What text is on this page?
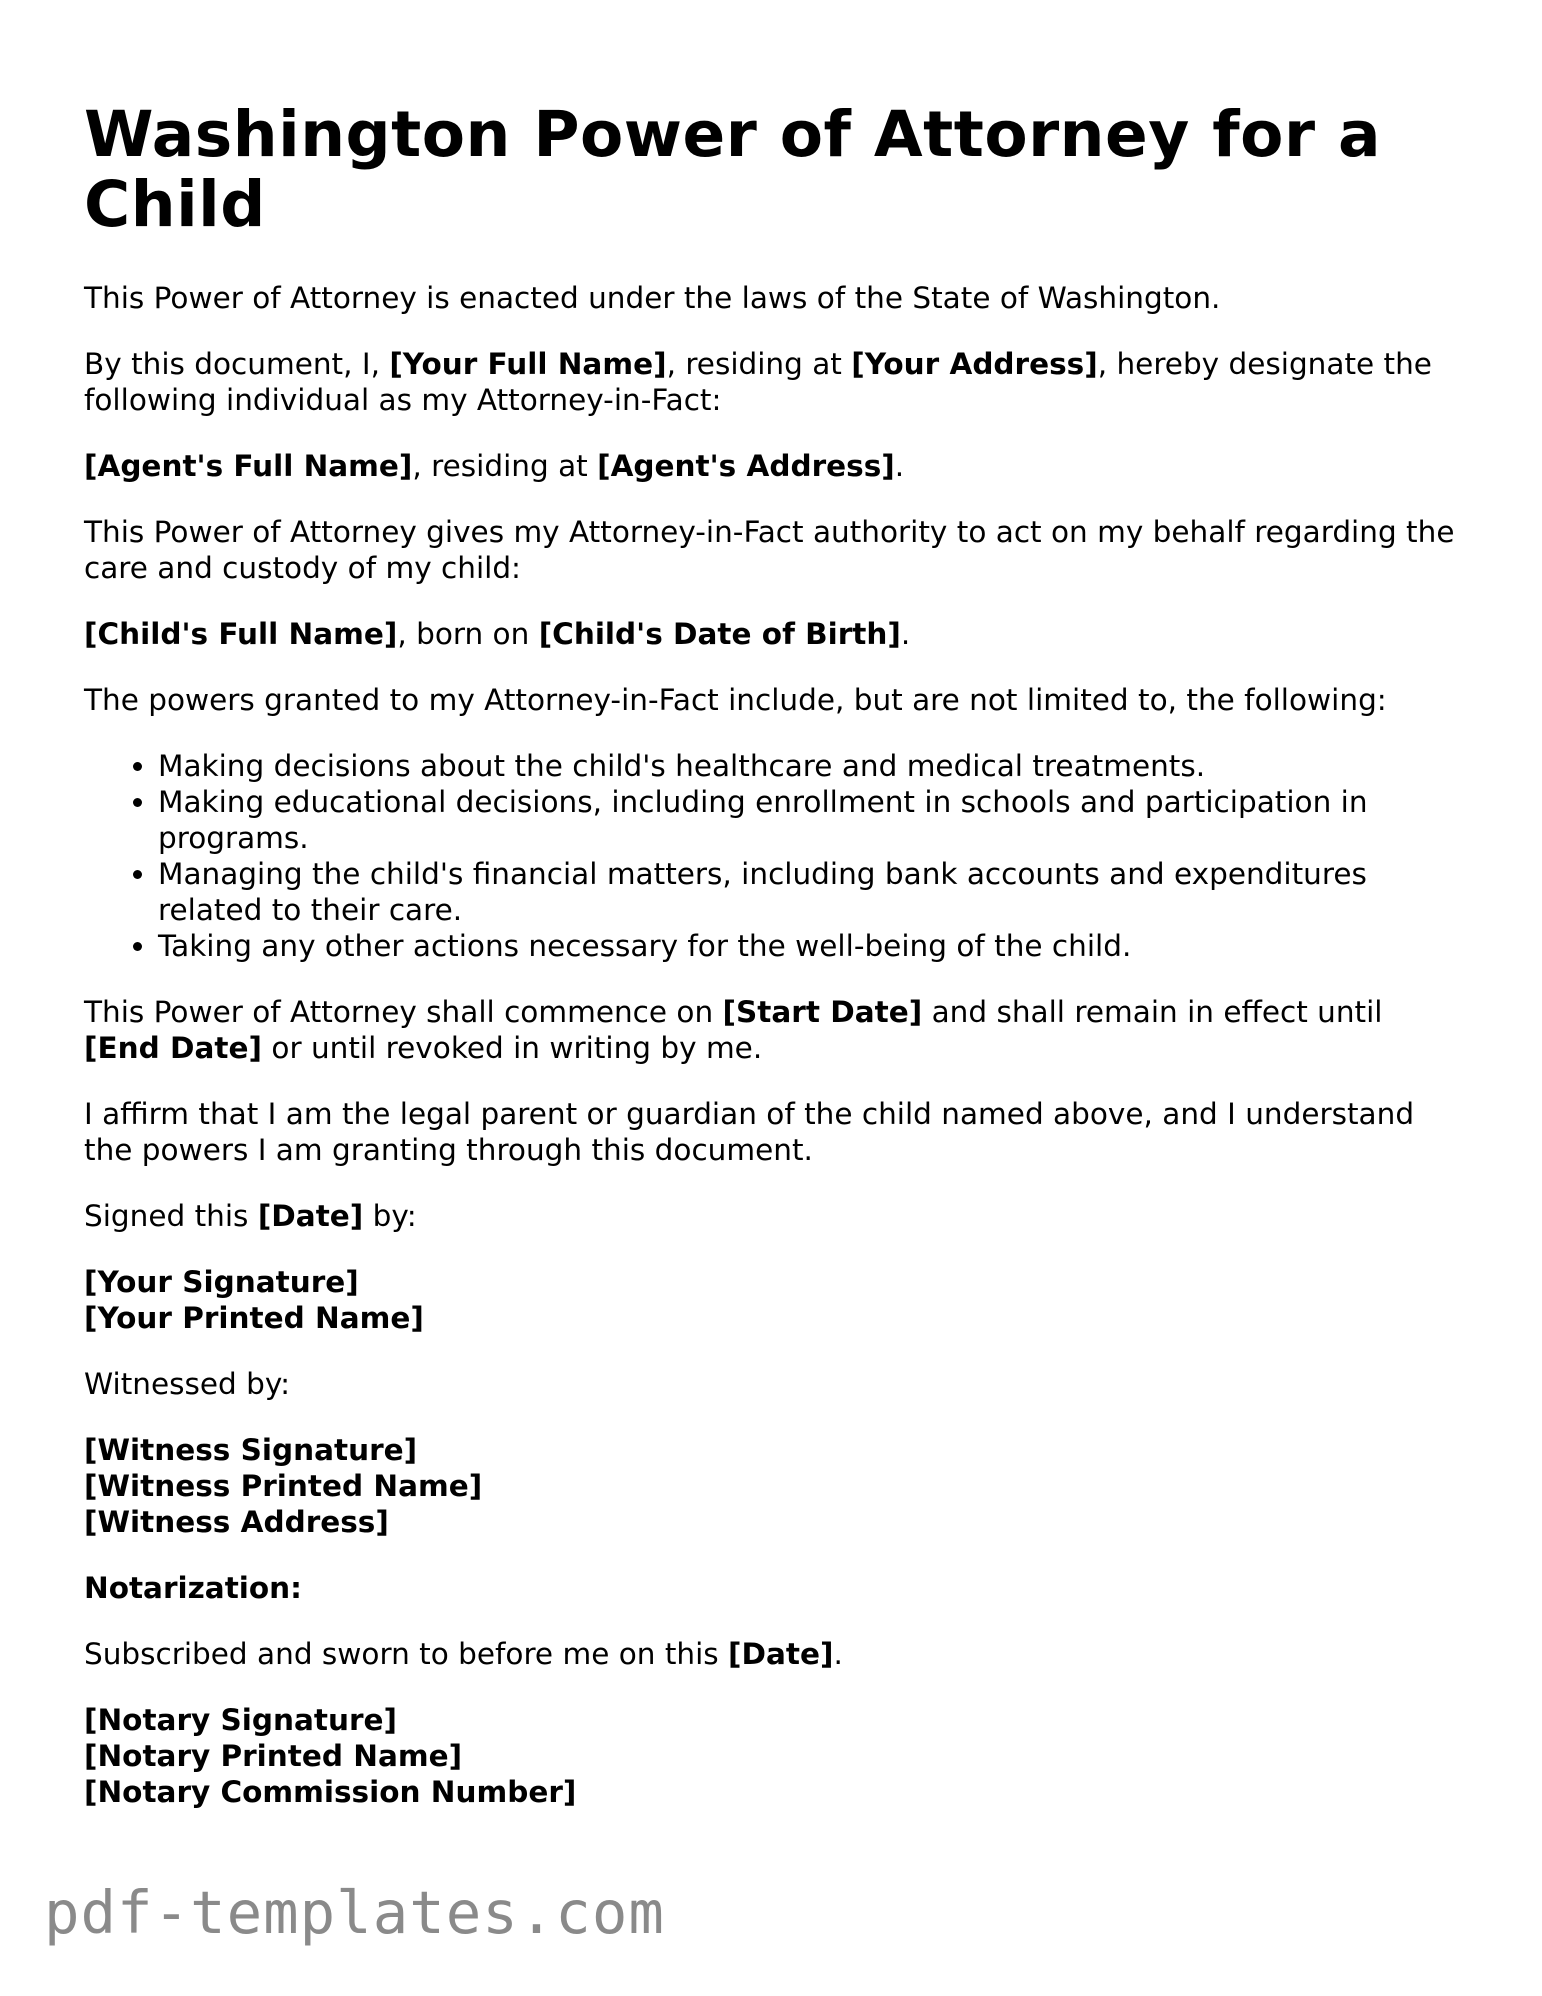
Washington Power of Attorney for a Child

This Power of Attorney is enacted under the laws of the State of Washington.

By this document, I, [Your Full Name], residing at [Your Address], hereby designate the following individual as my Attorney-in-Fact:

[Agent's Full Name], residing at [Agent's Address].

This Power of Attorney gives my Attorney-in-Fact authority to act on my behalf regarding the care and custody of my child:

[Child's Full Name], born on [Child's Date of Birth].

The powers granted to my Attorney-in-Fact include, but are not limited to, the following:

• Making decisions about the child's healthcare and medical treatments.
• Making educational decisions, including enrollment in schools and participation in programs.
• Managing the child's financial matters, including bank accounts and expenditures related to their care.
• Taking any other actions necessary for the well-being of the child.

This Power of Attorney shall commence on [Start Date] and shall remain in effect until [End Date] or until revoked in writing by me.

I affirm that I am the legal parent or guardian of the child named above, and I understand the powers I am granting through this document.

Signed this [Date] by:

[Your Signature]
[Your Printed Name]

Witnessed by:

[Witness Signature]
[Witness Printed Name]
[Witness Address]

Notarization:

Subscribed and sworn to before me on this [Date].

[Notary Signature]
[Notary Printed Name]
[Notary Commission Number]

pdf-templates.com
